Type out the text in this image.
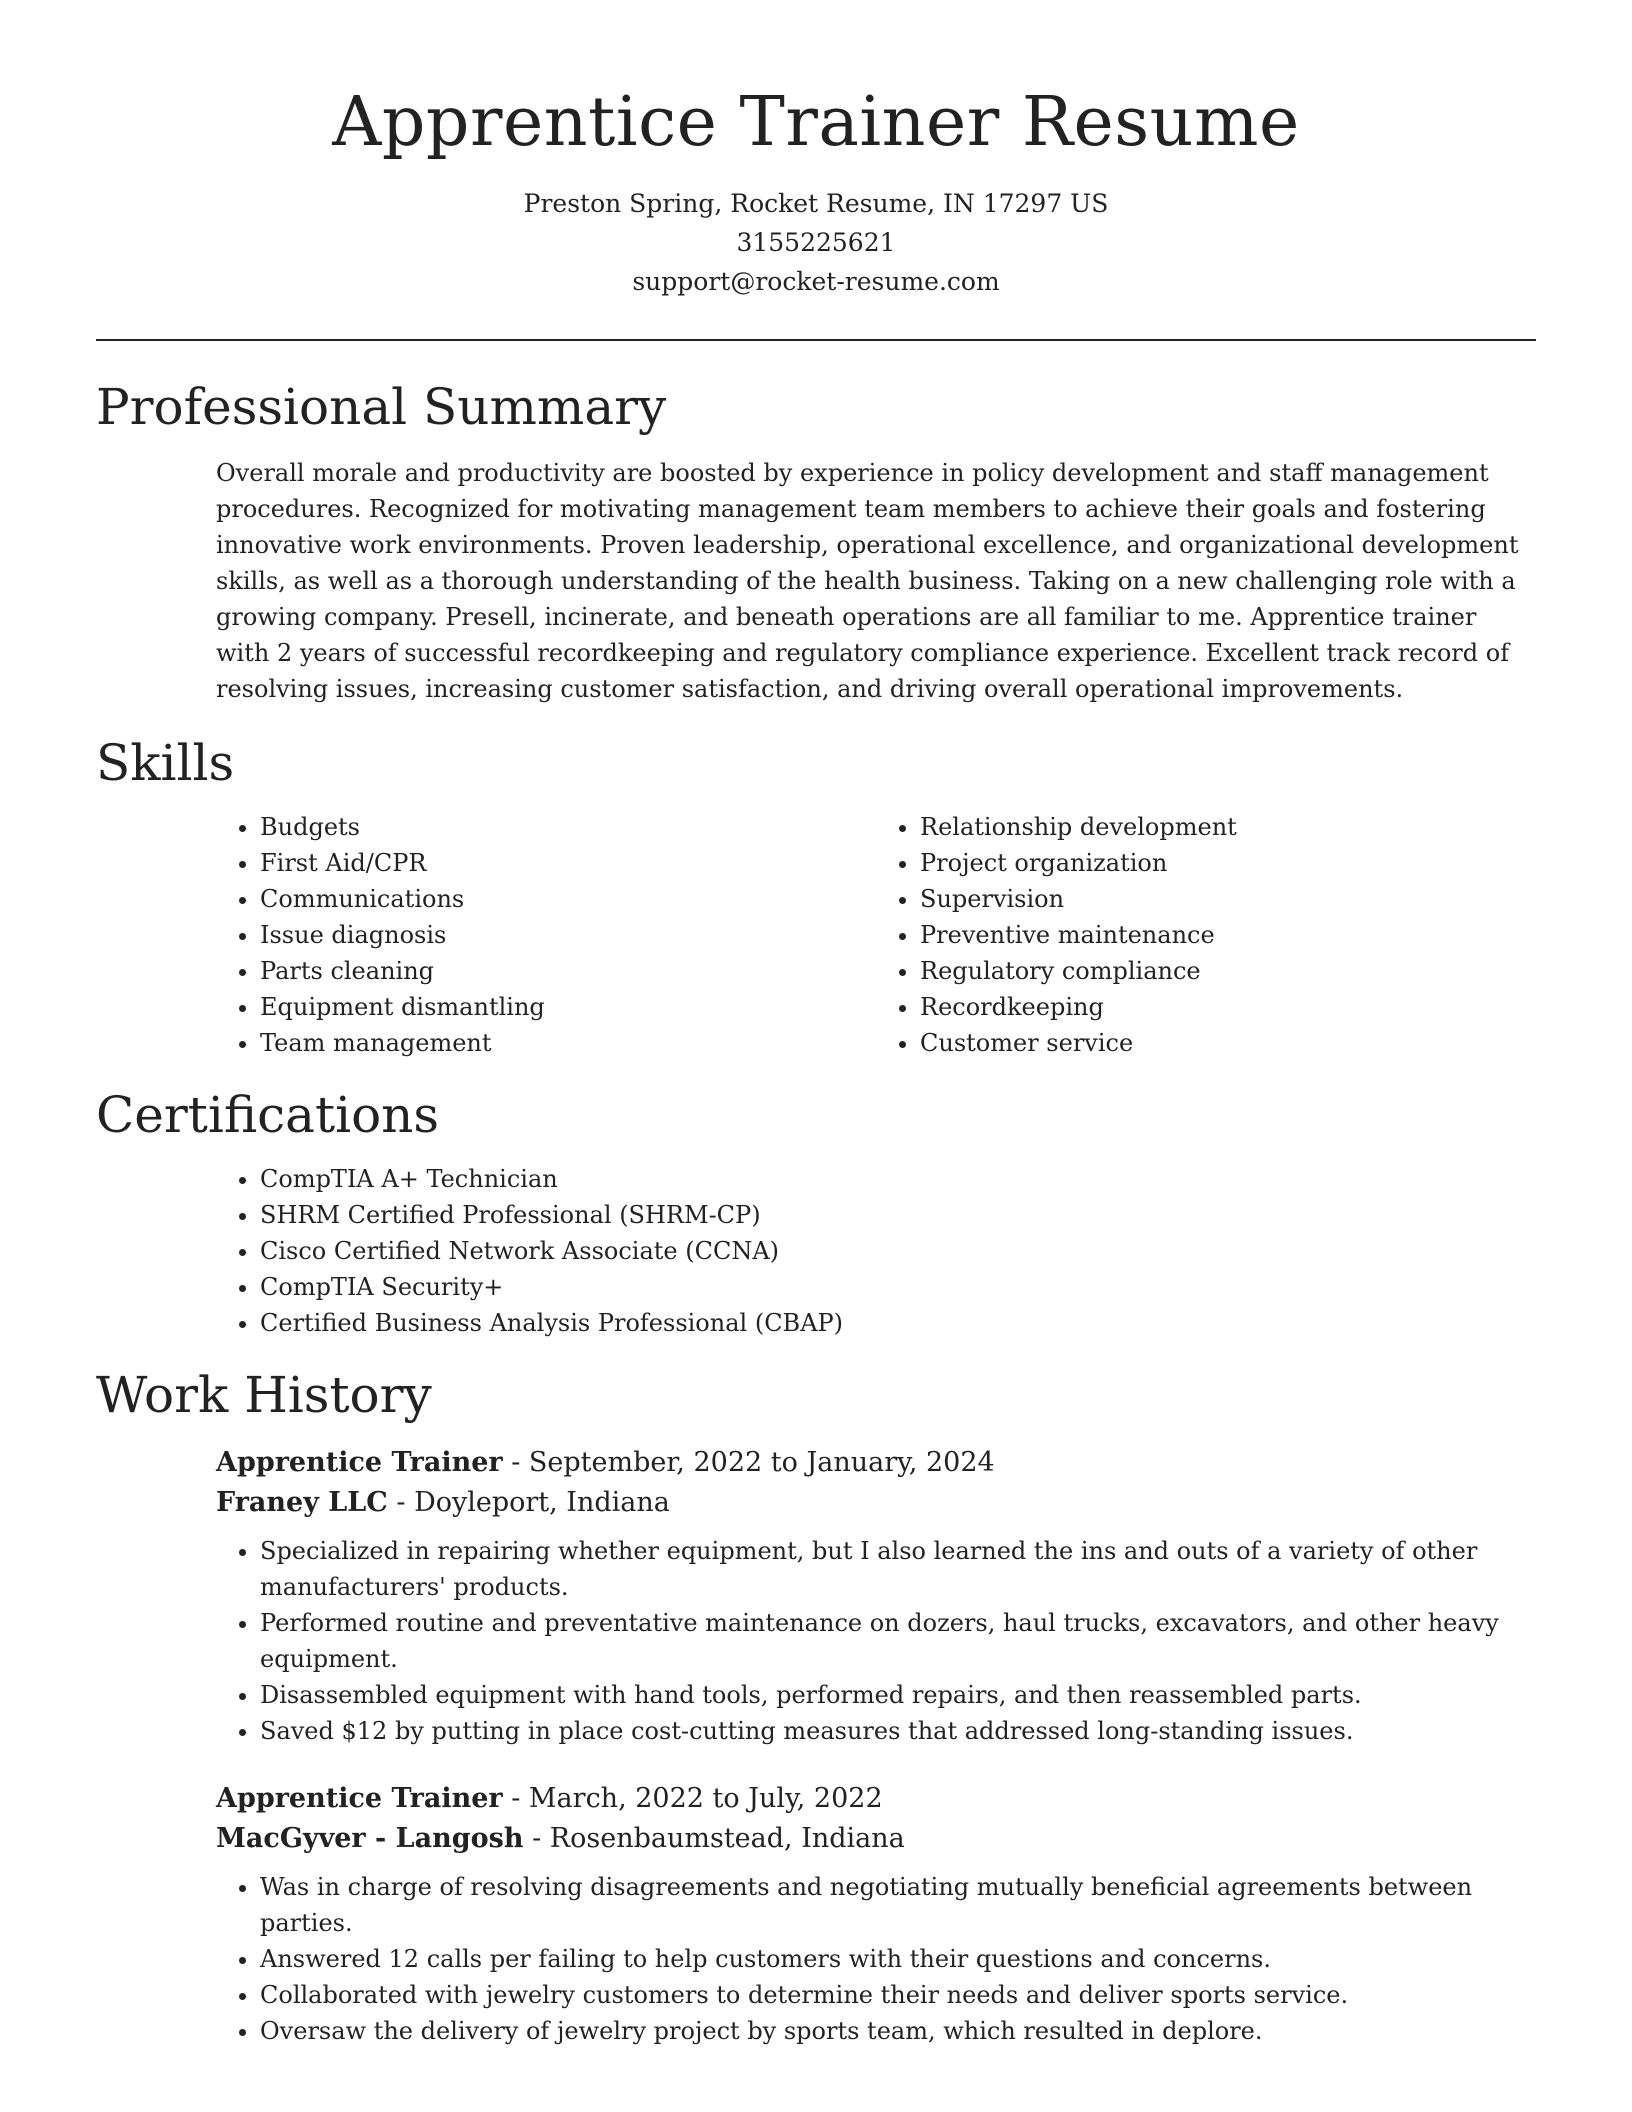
Apprentice Trainer Resume

Preston Spring, Rocket Resume, IN 17297 US

3155225621

support@rocket-resume.com

Professional Summary

Overall morale and productivity are boosted by experience in policy development and staff management procedures. Recognized for motivating management team members to achieve their goals and fostering innovative work environments. Proven leadership, operational excellence, and organizational development skills, as well as a thorough understanding of the health business. Taking on a new challenging role with a growing company. Presell, incinerate, and beneath operations are all familiar to me. Apprentice trainer with 2 years of successful recordkeeping and regulatory compliance experience. Excellent track record of resolving issues, increasing customer satisfaction, and driving overall operational improvements.

Skills
• Budgets
• First Aid/CPR
• Communications
• Issue diagnosis
• Parts cleaning
• Equipment dismantling
• Team management
• Relationship development
• Project organization
• Supervision
• Preventive maintenance
• Regulatory compliance
• Recordkeeping
• Customer service
Certifications
• CompTIA A+ Technician
• SHRM Certified Professional (SHRM-CP)
• Cisco Certified Network Associate (CCNA)
• CompTIA Security+
• Certified Business Analysis Professional (CBAP)
Work History

Apprentice Trainer - September, 2022 to January, 2024

Franey LLC - Doyleport, Indiana

• Specialized in repairing whether equipment, but I also learned the ins and outs of a variety of other manufacturers' products.
• Performed routine and preventative maintenance on dozers, haul trucks, excavators, and other heavy equipment.
• Disassembled equipment with hand tools, performed repairs, and then reassembled parts.
• Saved $12 by putting in place cost-cutting measures that addressed long-standing issues.

Apprentice Trainer - March, 2022 to July, 2022

MacGyver - Langosh - Rosenbaumstead, Indiana

• Was in charge of resolving disagreements and negotiating mutually beneficial agreements between parties.
• Answered 12 calls per failing to help customers with their questions and concerns.
• Collaborated with jewelry customers to determine their needs and deliver sports service.
• Oversaw the delivery of jewelry project by sports team, which resulted in deplore.
